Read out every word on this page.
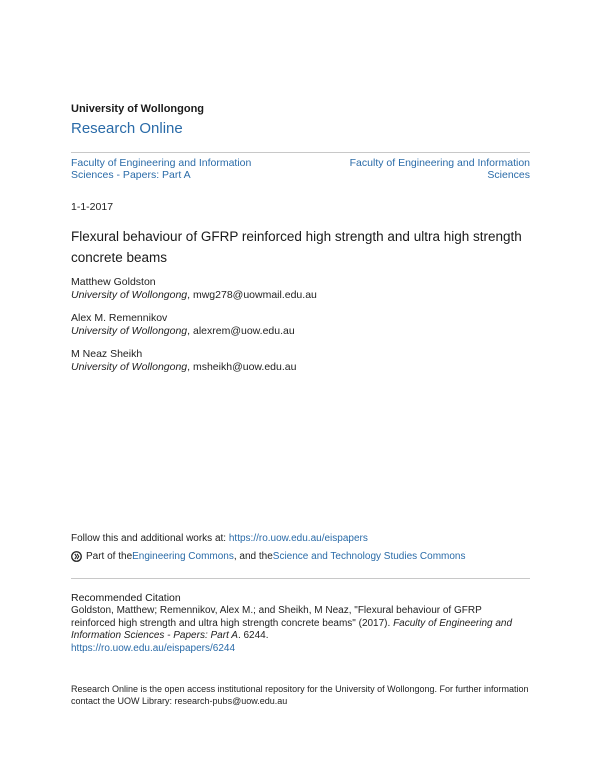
University of Wollongong
Research Online
Faculty of Engineering and Information Sciences - Papers: Part A
Faculty of Engineering and Information Sciences
1-1-2017
Flexural behaviour of GFRP reinforced high strength and ultra high strength concrete beams
Matthew Goldston
University of Wollongong, mwg278@uowmail.edu.au
Alex M. Remennikov
University of Wollongong, alexrem@uow.edu.au
M Neaz Sheikh
University of Wollongong, msheikh@uow.edu.au
Follow this and additional works at: https://ro.uow.edu.au/eispapers
Part of the Engineering Commons , and the Science and Technology Studies Commons
Recommended Citation
Goldston, Matthew; Remennikov, Alex M.; and Sheikh, M Neaz, "Flexural behaviour of GFRP reinforced high strength and ultra high strength concrete beams" (2017). Faculty of Engineering and Information Sciences - Papers: Part A. 6244.
https://ro.uow.edu.au/eispapers/6244
Research Online is the open access institutional repository for the University of Wollongong. For further information contact the UOW Library: research-pubs@uow.edu.au
